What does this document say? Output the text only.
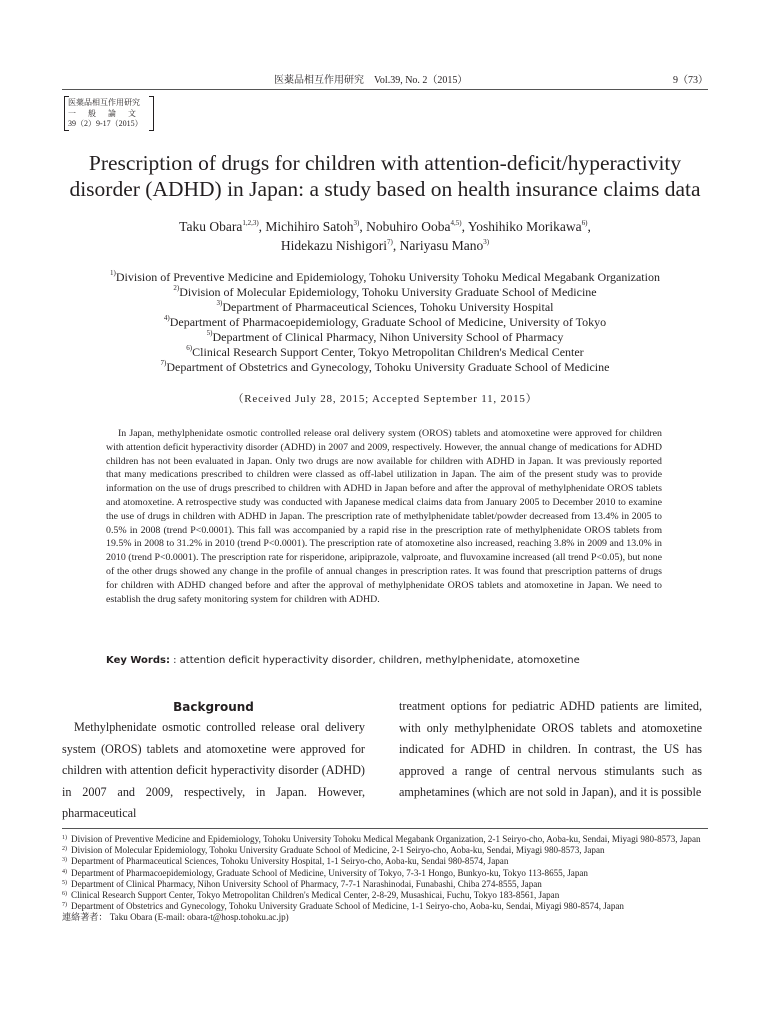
医薬品相互作用研究　Vol.39, No. 2（2015）	9（73）
医薬品相互作用研究
一般論文
39（2）9-17（2015）
Prescription of drugs for children with attention-deficit/hyperactivity
disorder (ADHD) in Japan: a study based on health insurance claims data
Taku Obara$^{1,2,3)}$, Michihiro Satoh$^{3)}$, Nobuhiro Ooba$^{4,5)}$, Yoshihiko Morikawa$^{6)}$,
Hidekazu Nishigori$^{7)}$, Nariyasu Mano$^{3)}$
$^{1)}$Division of Preventive Medicine and Epidemiology, Tohoku University Tohoku Medical Megabank Organization
$^{2)}$Division of Molecular Epidemiology, Tohoku University Graduate School of Medicine
$^{3)}$Department of Pharmaceutical Sciences, Tohoku University Hospital
$^{4)}$Department of Pharmacoepidemiology, Graduate School of Medicine, University of Tokyo
$^{5)}$Department of Clinical Pharmacy, Nihon University School of Pharmacy
$^{6)}$Clinical Research Support Center, Tokyo Metropolitan Children's Medical Center
$^{7)}$Department of Obstetrics and Gynecology, Tohoku University Graduate School of Medicine
（Received July 28, 2015; Accepted September 11, 2015）

In Japan, methylphenidate osmotic controlled release oral delivery system (OROS) tablets and atomoxetine were approved for children with attention deficit hyperactivity disorder (ADHD) in 2007 and 2009, respectively. However, the annual change of medications for ADHD children has not been evaluated in Japan. Only two drugs are now available for children with ADHD in Japan. It was previously reported that many medications prescribed to children were classed as off-label utilization in Japan. The aim of the present study was to provide information on the use of drugs prescribed to children with ADHD in Japan before and after the approval of methylphenidate OROS tablets and atomoxetine. A retrospective study was conducted with Japanese medical claims data from January 2005 to December 2010 to examine the use of drugs in children with ADHD in Japan. The prescription rate of methylphenidate tablet/powder decreased from 13.4% in 2005 to 0.5% in 2008 (trend P<0.0001). This fall was accompanied by a rapid rise in the prescription rate of methylphenidate OROS tablets from 19.5% in 2008 to 31.2% in 2010 (trend P<0.0001). The prescription rate of atomoxetine also increased, reaching 3.8% in 2009 and 13.0% in 2010 (trend P<0.0001). The prescription rate for risperidone, aripiprazole, valproate, and fluvoxamine increased (all trend P<0.05), but none of the other drugs showed any change in the profile of annual changes in prescription rates. It was found that prescription patterns of drugs for children with ADHD changed before and after the approval of methylphenidate OROS tablets and atomoxetine in Japan. We need to establish the drug safety monitoring system for children with ADHD.

Key Words: : attention deficit hyperactivity disorder, children, methylphenidate, atomoxetine
Background

Methylphenidate osmotic controlled release oral delivery system (OROS) tablets and atomoxetine were approved for children with attention deficit hyperactivity disorder (ADHD) in 2007 and 2009, respectively, in Japan. However, pharmaceutical

treatment options for pediatric ADHD patients are limited, with only methylphenidate OROS tablets and atomoxetine indicated for ADHD in children. In contrast, the US has approved a range of central nervous stimulants such as amphetamines (which are not sold in Japan), and it is possible

1) Division of Preventive Medicine and Epidemiology, Tohoku University Tohoku Medical Megabank Organization, 2-1 Seiryo-cho, Aoba-ku, Sendai, Miyagi 980-8573, Japan
2) Division of Molecular Epidemiology, Tohoku University Graduate School of Medicine, 2-1 Seiryo-cho, Aoba-ku, Sendai, Miyagi 980-8573, Japan
3) Department of Pharmaceutical Sciences, Tohoku University Hospital, 1-1 Seiryo-cho, Aoba-ku, Sendai 980-8574, Japan
4) Department of Pharmacoepidemiology, Graduate School of Medicine, University of Tokyo, 7-3-1 Hongo, Bunkyo-ku, Tokyo 113-8655, Japan
5) Department of Clinical Pharmacy, Nihon University School of Pharmacy, 7-7-1 Narashinodai, Funabashi, Chiba 274-8555, Japan
6) Clinical Research Support Center, Tokyo Metropolitan Children's Medical Center, 2-8-29, Musashicai, Fuchu, Tokyo 183-8561, Japan
7) Department of Obstetrics and Gynecology, Tohoku University Graduate School of Medicine, 1-1 Seiryo-cho, Aoba-ku, Sendai, Miyagi 980-8574, Japan
連絡著者： Taku Obara (E-mail: obara-t@hosp.tohoku.ac.jp)
